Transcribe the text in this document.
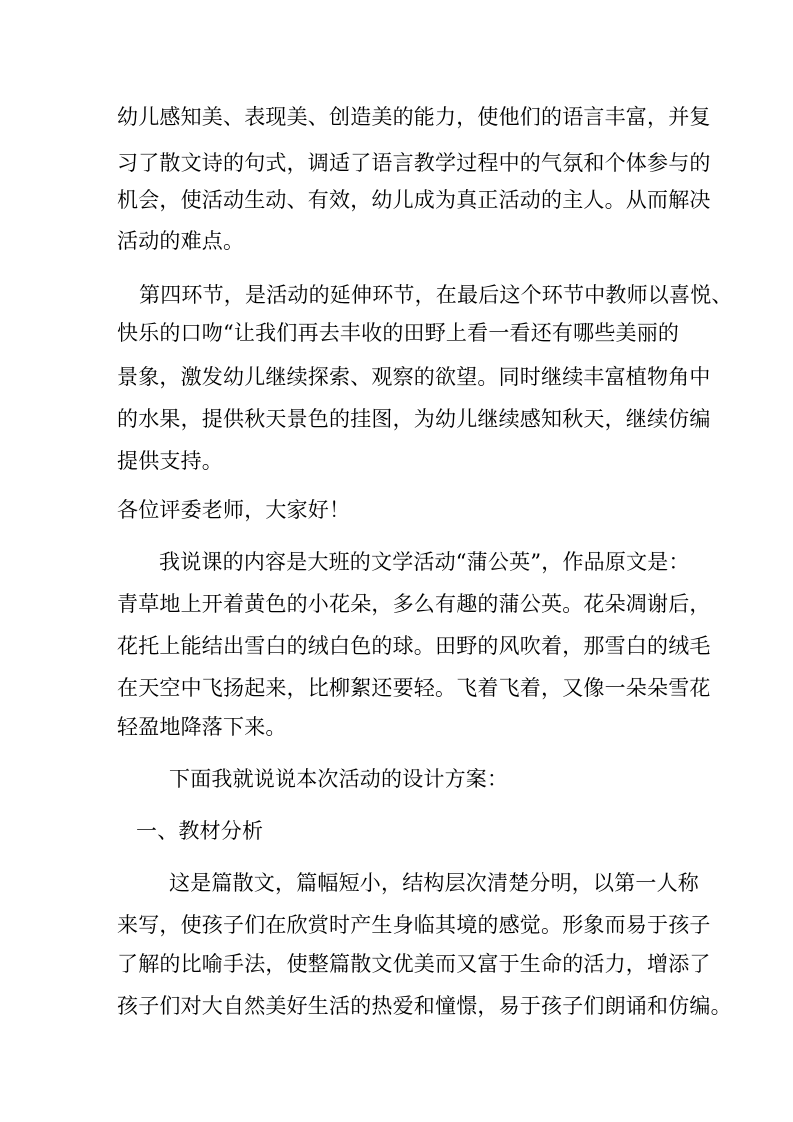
幼儿感知美、表现美、创造美的能力，使他们的语言丰富，并复
习了散文诗的句式，调适了语言教学过程中的气氛和个体参与的
机会，使活动生动、有效，幼儿成为真正活动的主人。从而解决
活动的难点。
第四环节，是活动的延伸环节，在最后这个环节中教师以喜悦、
快乐的口吻“让我们再去丰收的田野上看一看还有哪些美丽的
景象，激发幼儿继续探索、观察的欲望。同时继续丰富植物角中
的水果，提供秋天景色的挂图，为幼儿继续感知秋天，继续仿编
提供支持。
各位评委老师，大家好！
我说课的内容是大班的文学活动“蒲公英”，作品原文是：
青草地上开着黄色的小花朵，多么有趣的蒲公英。花朵凋谢后，
花托上能结出雪白的绒白色的球。田野的风吹着，那雪白的绒毛
在天空中飞扬起来，比柳絮还要轻。飞着飞着，又像一朵朵雪花
轻盈地降落下来。
下面我就说说本次活动的设计方案：
一、教材分析
这是篇散文，篇幅短小，结构层次清楚分明，以第一人称
来写，使孩子们在欣赏时产生身临其境的感觉。形象而易于孩子
了解的比喻手法，使整篇散文优美而又富于生命的活力，增添了
孩子们对大自然美好生活的热爱和憧憬，易于孩子们朗诵和仿编。
